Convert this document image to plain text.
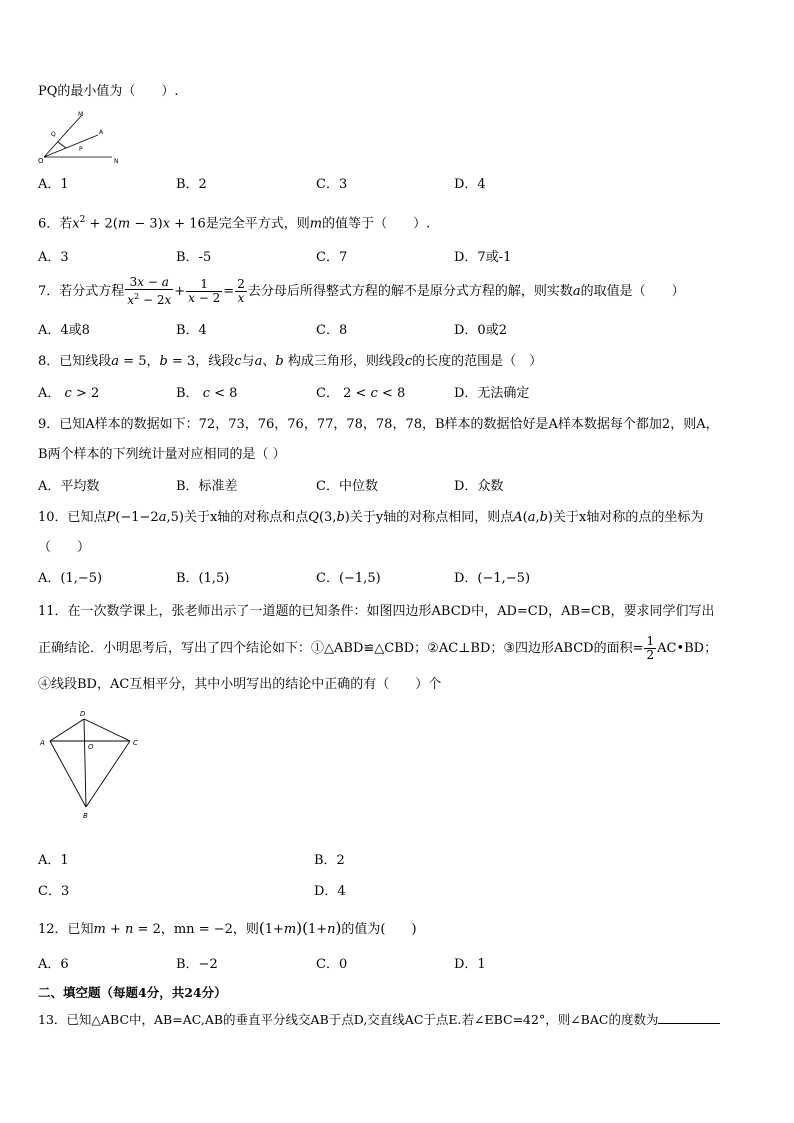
PQ的最小值为（　　）.
M
Q	A
P
O	N
A．1	B．2	C．3	D．4
6．若$x^2 + 2(m - 3)x + 16$是完全平方式，则m的值等于（　　）.
A．3	B．-5	C．7	D．7或-1
7．若分式方程 $\frac{3x - a}{x^2 - 2x} + \frac{1}{x - 2} = \frac{2}{x}$ 去分母后所得整式方程的解不是原分式方程的解，则实数a的取值是（　　）
A．4或8	B．4	C．8	D．0或2
8．已知线段a = 5，b = 3，线段c与a、b 构成三角形，则线段c的长度的范围是（　）
A． c > 2	B． c < 8	C． 2 < c < 8	D．无法确定
9．已知A样本的数据如下：72，73，76，76，77，78，78，78，B样本的数据恰好是A样本数据每个都加2，则A，
B两个样本的下列统计量对应相同的是（ ）
A．平均数	B．标准差	C．中位数	D．众数
10．已知点P(−1−2a,5)关于x轴的对称点和点Q(3,b)关于y轴的对称点相同，则点A(a,b)关于x轴对称的点的坐标为
（　　）
A．(1,−5)	B．(1,5)	C．(−1,5)	D．(−1,−5)
11．在一次数学课上，张老师出示了一道题的已知条件：如图四边形ABCD中，AD=CD，AB=CB，要求同学们写出
正确结论．小明思考后，写出了四个结论如下：①△ABD≌△CBD；②AC⊥BD；③四边形ABCD的面积= $\frac{1}{2}$ AC•BD；
④线段BD，AC互相平分，其中小明写出的结论中正确的有（　　）个
D
A	O	C
B
A．1	B．2
C．3	D．4
12．已知m + n = 2，mn = −2，则(1+m)(1+n)的值为(　　)
A．6	B．−2	C．0	D．1
二、填空题（每题4分，共24分）
13．已知△ABC中，AB=AC,AB的垂直平分线交AB于点D,交直线AC于点E.若∠EBC=42°，则∠BAC的度数为
